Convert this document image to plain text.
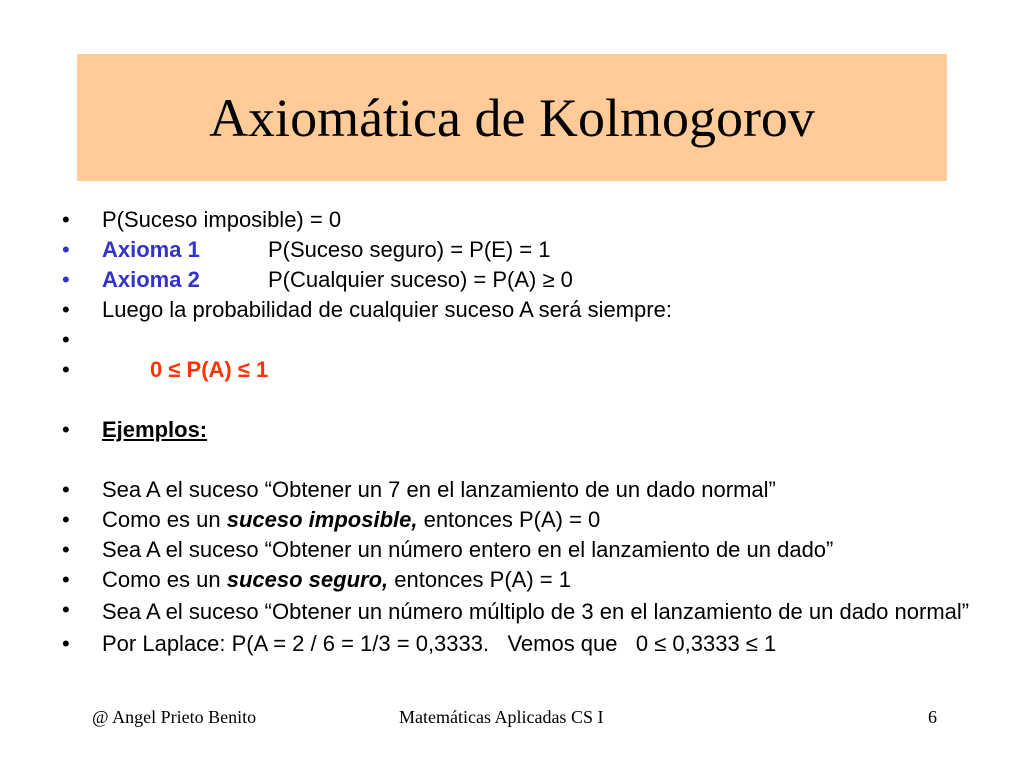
Axiomática de Kolmogorov
• P(Suceso imposible) = 0
• Axioma 1	P(Suceso seguro) = P(E) = 1
• Axioma 2	P(Cualquier suceso) = P(A) ≥ 0
• Luego la probabilidad de cualquier suceso A será siempre:
•

•	0 ≤ P(A) ≤ 1
• Ejemplos:
• Sea A el suceso “Obtener un 7 en el lanzamiento de un dado normal”
• Como es un suceso imposible, entonces P(A) = 0
• Sea A el suceso “Obtener un número entero en el lanzamiento de un dado”
• Como es un suceso seguro, entonces P(A) = 1
• Sea A el suceso “Obtener un número múltiplo de 3 en el lanzamiento de un dado normal”
• Por Laplace: P(A = 2 / 6 = 1/3 = 0,3333.   Vemos que   0 ≤ 0,3333 ≤ 1
@ Angel Prieto Benito	Matemáticas Aplicadas CS I	6
